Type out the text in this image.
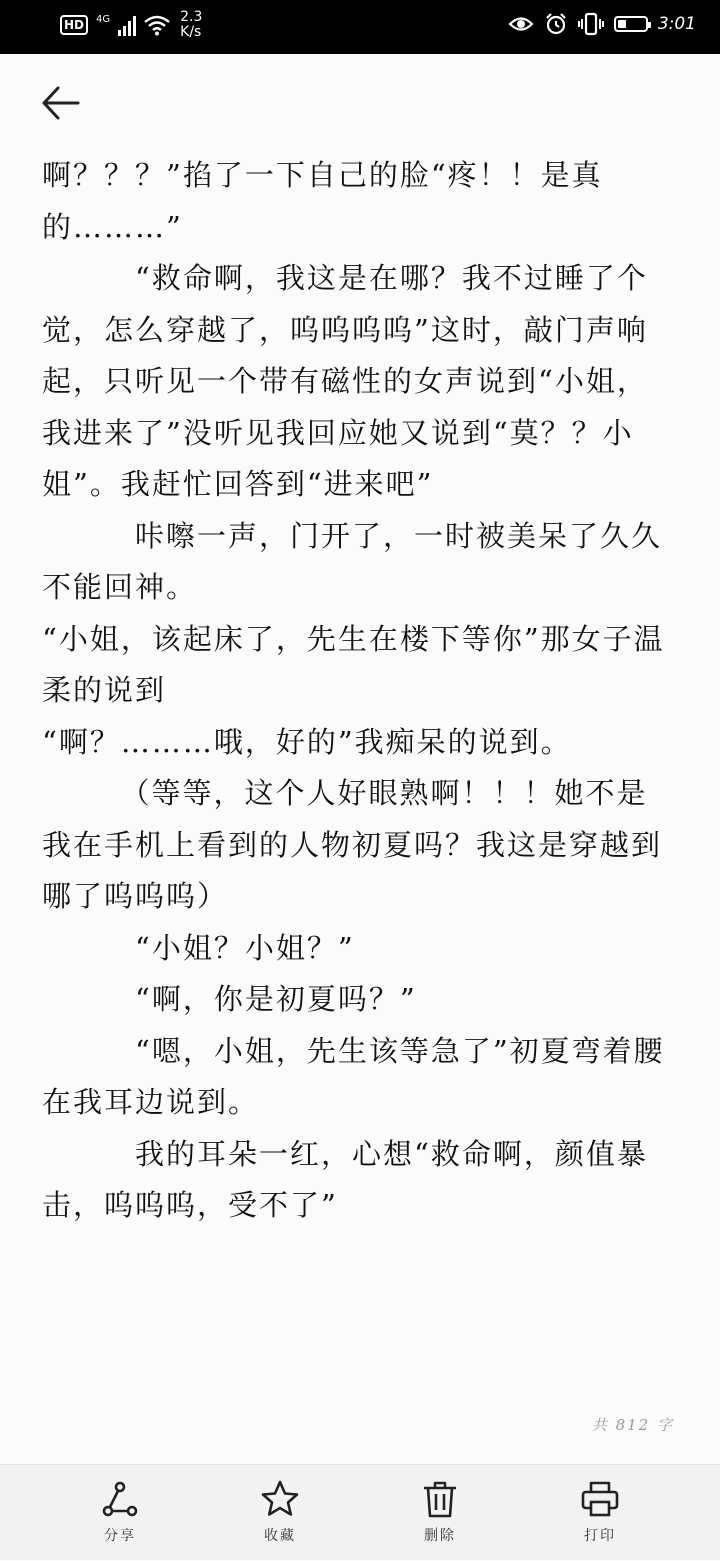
HD	4G	2.3
K/s	3:01

啊？？？”掐了一下自己的脸“疼！！是真的………”

　　　“救命啊，我这是在哪？我不过睡了个觉，怎么穿越了，呜呜呜呜”这时，敲门声响起，只听见一个带有磁性的女声说到“小姐，我进来了”没听见我回应她又说到“莫？？小姐”。我赶忙回答到“进来吧”

　　　咔嚓一声，门开了，一时被美呆了久久不能回神。

“小姐，该起床了，先生在楼下等你”那女子温柔的说到

“啊？………哦，好的”我痴呆的说到。

　　　（等等，这个人好眼熟啊！！！她不是我在手机上看到的人物初夏吗？我这是穿越到哪了呜呜呜）

　　　“小姐？小姐？”

　　　“啊，你是初夏吗？”

　　　“嗯，小姐，先生该等急了”初夏弯着腰在我耳边说到。

　　　我的耳朵一红，心想“救命啊，颜值暴击，呜呜呜，受不了”

共 812 字
分享	收藏	删除	打印
